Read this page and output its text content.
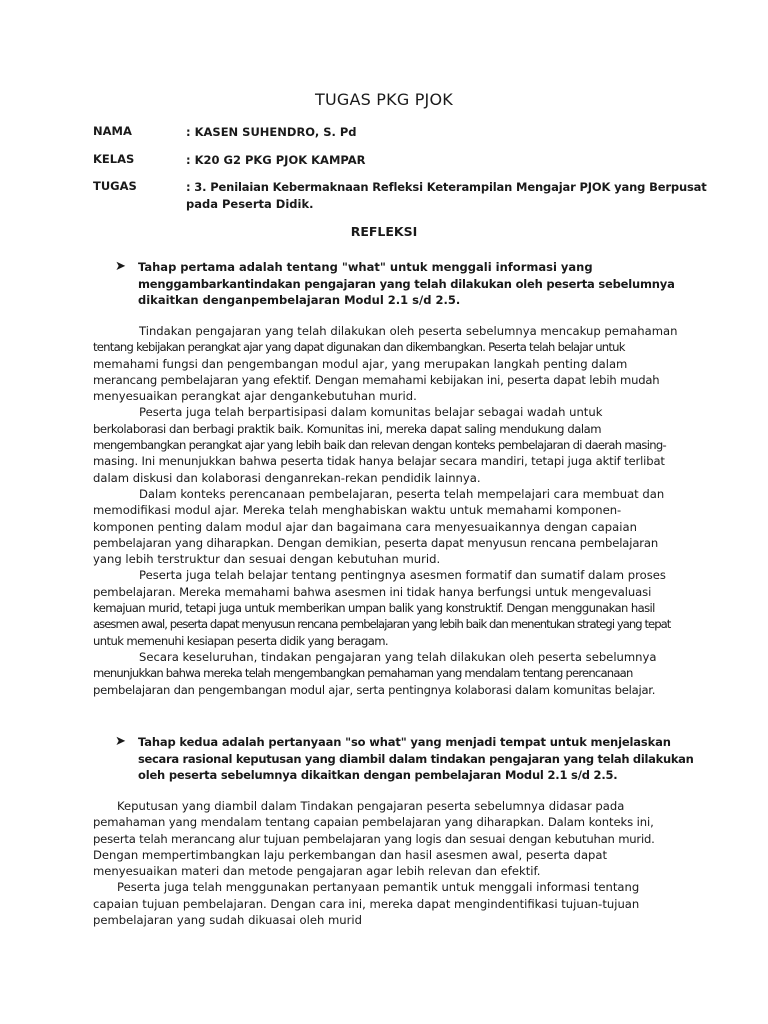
TUGAS PKG PJOK
NAMA	: KASEN SUHENDRO, S. Pd
KELAS	: K20 G2 PKG PJOK KAMPAR
TUGAS	: 3. Penilaian Kebermaknaan Refleksi Keterampilan Mengajar PJOK yang Berpusat
pada Peserta Didik.
REFLEKSI
➤ Tahap pertama adalah tentang "what" untuk menggali informasi yang
menggambarkantindakan pengajaran yang telah dilakukan oleh peserta sebelumnya
dikaitkan denganpembelajaran Modul 2.1 s/d 2.5.
Tindakan pengajaran yang telah dilakukan oleh peserta sebelumnya mencakup pemahaman
tentang kebijakan perangkat ajar yang dapat digunakan dan dikembangkan. Peserta telah belajar untuk
memahami fungsi dan pengembangan modul ajar, yang merupakan langkah penting dalam
merancang pembelajaran yang efektif. Dengan memahami kebijakan ini, peserta dapat lebih mudah
menyesuaikan perangkat ajar dengankebutuhan murid.
Peserta juga telah berpartisipasi dalam komunitas belajar sebagai wadah untuk
berkolaborasi dan berbagi praktik baik. Komunitas ini, mereka dapat saling mendukung dalam
mengembangkan perangkat ajar yang lebih baik dan relevan dengan konteks pembelajaran di daerah masing-
masing. Ini menunjukkan bahwa peserta tidak hanya belajar secara mandiri, tetapi juga aktif terlibat
dalam diskusi dan kolaborasi denganrekan-rekan pendidik lainnya.
Dalam konteks perencanaan pembelajaran, peserta telah mempelajari cara membuat dan
memodifikasi modul ajar. Mereka telah menghabiskan waktu untuk memahami komponen-
komponen penting dalam modul ajar dan bagaimana cara menyesuaikannya dengan capaian
pembelajaran yang diharapkan. Dengan demikian, peserta dapat menyusun rencana pembelajaran
yang lebih terstruktur dan sesuai dengan kebutuhan murid.
Peserta juga telah belajar tentang pentingnya asesmen formatif dan sumatif dalam proses
pembelajaran. Mereka memahami bahwa asesmen ini tidak hanya berfungsi untuk mengevaluasi
kemajuan murid, tetapi juga untuk memberikan umpan balik yang konstruktif. Dengan menggunakan hasil
asesmen awal, peserta dapat menyusun rencana pembelajaran yang lebih baik dan menentukan strategi yang tepat
untuk memenuhi kesiapan peserta didik yang beragam.
Secara keseluruhan, tindakan pengajaran yang telah dilakukan oleh peserta sebelumnya
menunjukkan bahwa mereka telah mengembangkan pemahaman yang mendalam tentang perencanaan
pembelajaran dan pengembangan modul ajar, serta pentingnya kolaborasi dalam komunitas belajar.
➤ Tahap kedua adalah pertanyaan "so what" yang menjadi tempat untuk menjelaskan
secara rasional keputusan yang diambil dalam tindakan pengajaran yang telah dilakukan
oleh peserta sebelumnya dikaitkan dengan pembelajaran Modul 2.1 s/d 2.5.
Keputusan yang diambil dalam Tindakan pengajaran peserta sebelumnya didasar pada
pemahaman yang mendalam tentang capaian pembelajaran yang diharapkan. Dalam konteks ini,
peserta telah merancang alur tujuan pembelajaran yang logis dan sesuai dengan kebutuhan murid.
Dengan mempertimbangkan laju perkembangan dan hasil asesmen awal, peserta dapat
menyesuaikan materi dan metode pengajaran agar lebih relevan dan efektif.
Peserta juga telah menggunakan pertanyaan pemantik untuk menggali informasi tentang
capaian tujuan pembelajaran. Dengan cara ini, mereka dapat mengindentifikasi tujuan-tujuan
pembelajaran yang sudah dikuasai oleh murid
